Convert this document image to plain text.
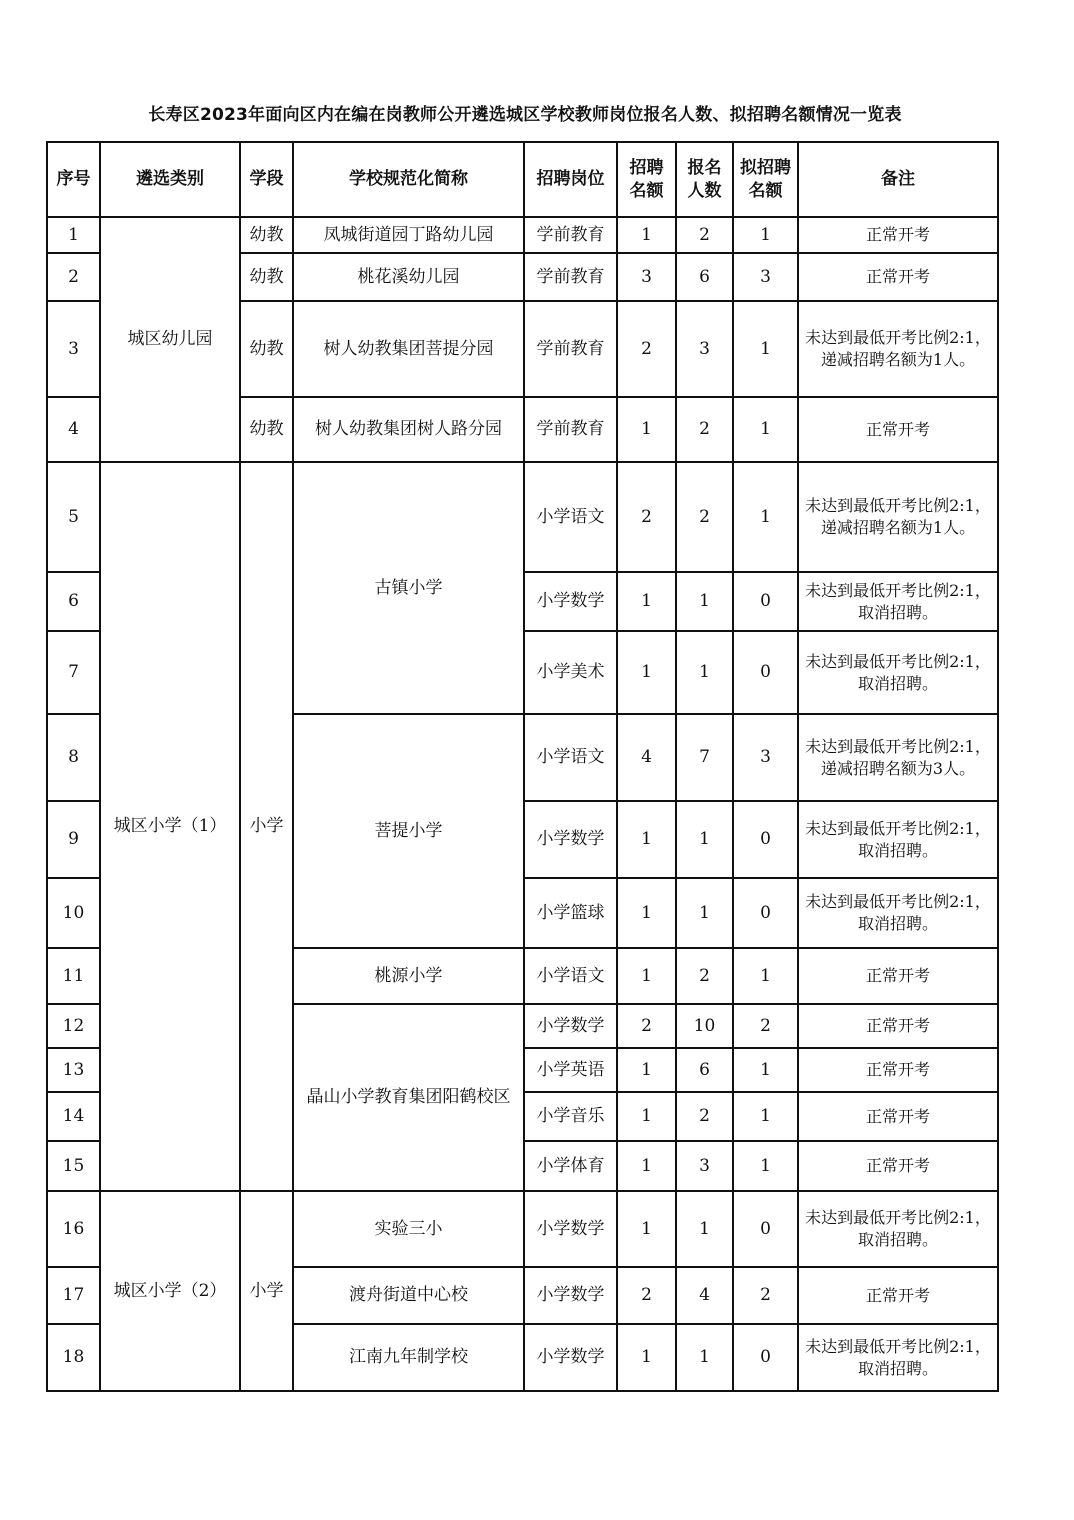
长寿区2023年面向区内在编在岗教师公开遴选城区学校教师岗位报名人数、拟招聘名额情况一览表
序号	遴选类别	学段	学校规范化简称	招聘岗位	招聘名额	报名人数	拟招聘名额	备注
1	城区幼儿园	幼教	凤城街道园丁路幼儿园	学前教育	1	2	1	正常开考
2		幼教	桃花溪幼儿园	学前教育	3	6	3	正常开考
3		幼教	树人幼教集团菩提分园	学前教育	2	3	1	未达到最低开考比例2:1，递减招聘名额为1人。
4		幼教	树人幼教集团树人路分园	学前教育	1	2	1	正常开考
5	城区小学（1）	小学	古镇小学	小学语文	2	2	1	未达到最低开考比例2:1，递减招聘名额为1人。
6				小学数学	1	1	0	未达到最低开考比例2:1，取消招聘。
7				小学美术	1	1	0	未达到最低开考比例2:1，取消招聘。
8			菩提小学	小学语文	4	7	3	未达到最低开考比例2:1，递减招聘名额为3人。
9				小学数学	1	1	0	未达到最低开考比例2:1，取消招聘。
10				小学篮球	1	1	0	未达到最低开考比例2:1，取消招聘。
11			桃源小学	小学语文	1	2	1	正常开考
12			晶山小学教育集团阳鹤校区	小学数学	2	10	2	正常开考
13				小学英语	1	6	1	正常开考
14				小学音乐	1	2	1	正常开考
15				小学体育	1	3	1	正常开考
16	城区小学（2）	小学	实验三小	小学数学	1	1	0	未达到最低开考比例2:1，取消招聘。
17			渡舟街道中心校	小学数学	2	4	2	正常开考
18			江南九年制学校	小学数学	1	1	0	未达到最低开考比例2:1，取消招聘。
